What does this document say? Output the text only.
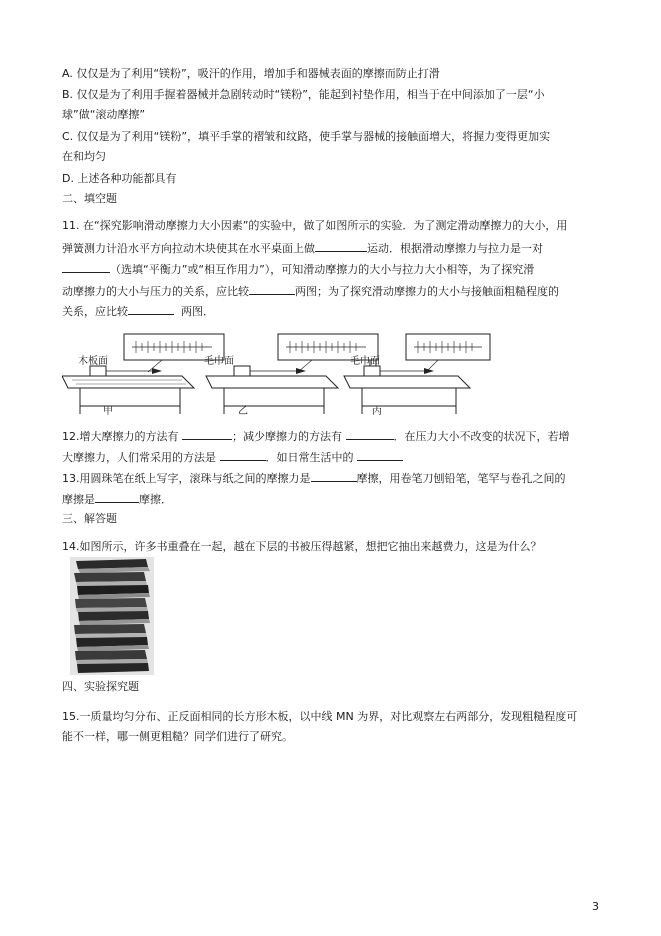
A. 仅仅是为了利用“镁粉”，吸汗的作用，增加手和器械表面的摩擦而防止打滑
B. 仅仅是为了利用手握着器械并急剧转动时“镁粉”，能起到衬垫作用，相当于在中间添加了一层“小
球”做“滚动摩擦”
C. 仅仅是为了利用“镁粉”，填平手掌的褶皱和纹路，使手掌与器械的接触面增大，将握力变得更加实
在和均匀
D. 上述各种功能都具有
二、填空题
11. 在“探究影响滑动摩擦力大小因素”的实验中，做了如图所示的实验．为了测定滑动摩擦力的大小，用
弹簧测力计沿水平方向拉动木块使其在水平桌面上做	运动．根据滑动摩擦力与拉力是一对
（选填“平衡力”或“相互作用力”），可知滑动摩擦力的大小与拉力大小相等，为了探究滑
动摩擦力的大小与压力的关系，应比较	两图；为了探究滑动摩擦力的大小与接触面粗糙程度的
关系，应比较	两图．
木板面	毛巾面	毛巾面
甲	乙	丙
12.增大摩擦力的方法有	；减少摩擦力的方法有	．在压力大小不改变的状况下，若增
大摩擦力，人们常采用的方法是	．如日常生活中的
13.用圆珠笔在纸上写字，滚珠与纸之间的摩擦力是	摩擦，用卷笔刀刨铅笔，笔罕与卷孔之间的
摩擦是	摩擦．
三、解答题
14.如图所示，许多书重叠在一起，越在下层的书被压得越紧，想把它抽出来越费力，这是为什么？
四、实验探究题
15.一质量均匀分布、正反面相同的长方形木板，以中线 MN 为界，对比观察左右两部分，发现粗糙程度可
能不一样，哪一侧更粗糙？同学们进行了研究。
3
